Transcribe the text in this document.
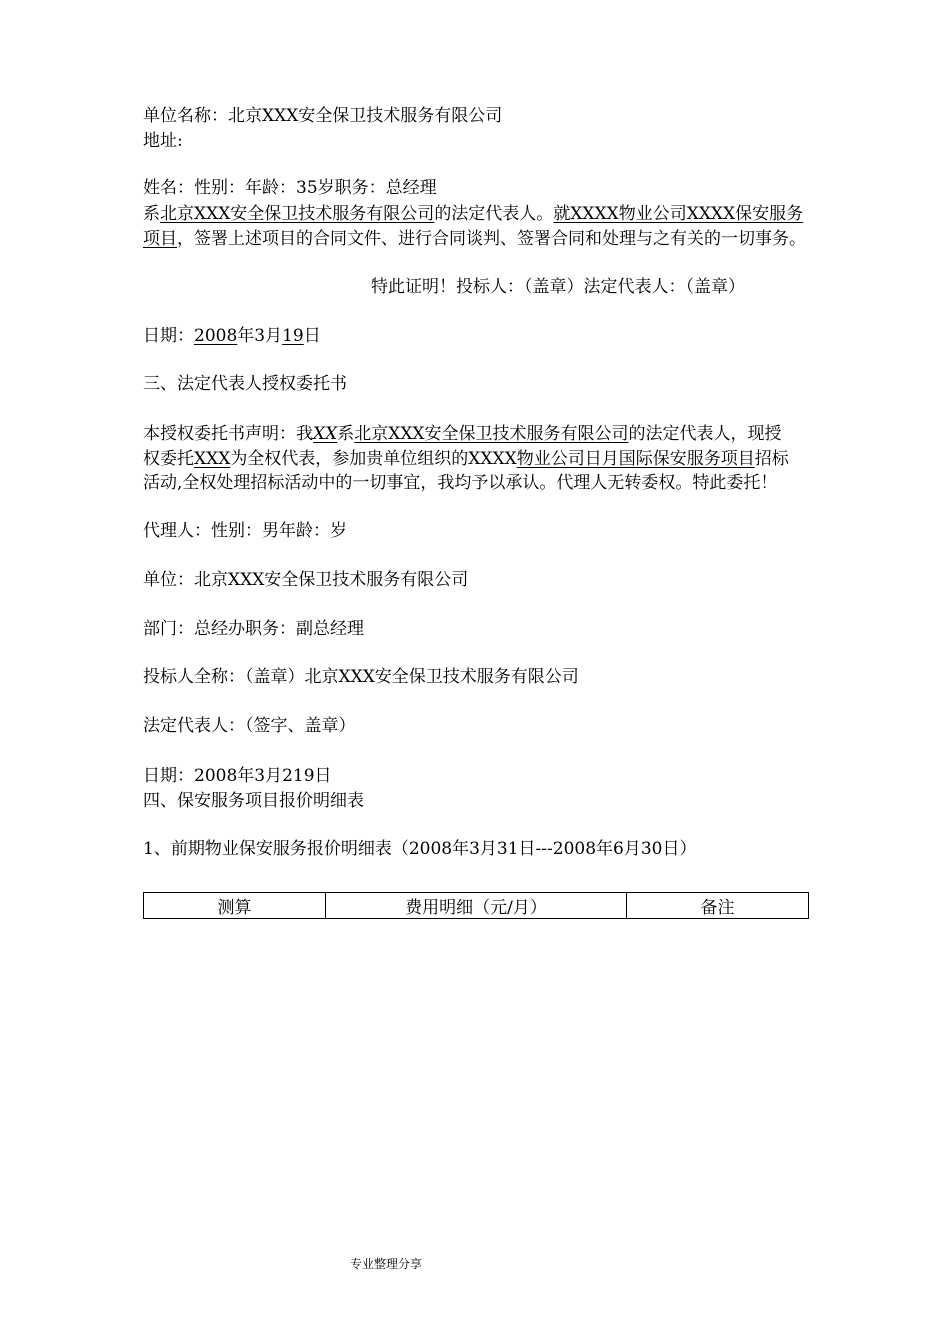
单位名称：北京XXX安全保卫技术服务有限公司
地址:
姓名：性别：年龄：35岁职务：总经理
系北京XXX安全保卫技术服务有限公司的法定代表人。就XXXX物业公司XXXX保安服务
项目，签署上述项目的合同文件、进行合同谈判、签署合同和处理与之有关的一切事务。
特此证明！投标人：（盖章）法定代表人：（盖章）
日期：2008年3月19日
三、法定代表人授权委托书
本授权委托书声明：我XX系北京XXX安全保卫技术服务有限公司的法定代表人，现授
权委托XXX为全权代表，参加贵单位组织的XXXX物业公司日月国际保安服务项目招标
活动,全权处理招标活动中的一切事宜，我均予以承认。代理人无转委权。特此委托！
代理人：性别：男年龄：岁
单位：北京XXX安全保卫技术服务有限公司
部门：总经办职务：副总经理
投标人全称：（盖章）北京XXX安全保卫技术服务有限公司
法定代表人：（签字、盖章）
日期：2008年3月219日
四、保安服务项目报价明细表
1、前期物业保安服务报价明细表（2008年3月31日---2008年6月30日）
测算	费用明细（元/月）	备注
专业整理分享
